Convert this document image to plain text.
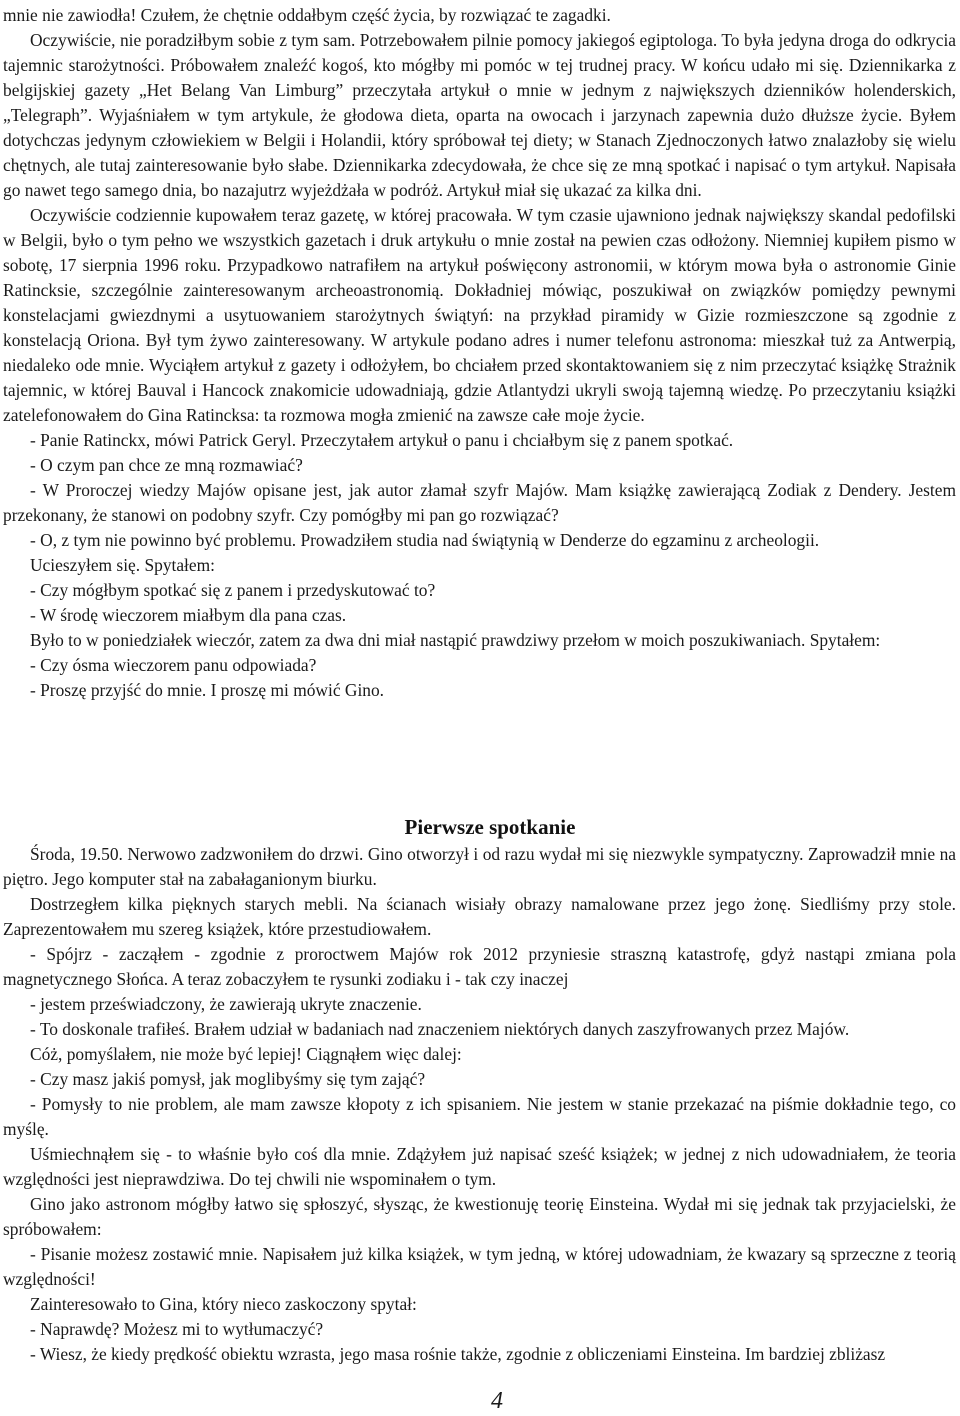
mnie nie zawiodła! Czułem, że chętnie oddałbym część życia, by rozwiązać te zagadki.

Oczywiście, nie poradziłbym sobie z tym sam. Potrzebowałem pilnie pomocy jakiegoś egiptologa. To była jedyna droga do odkrycia tajemnic starożytności. Próbowałem znaleźć kogoś, kto mógłby mi pomóc w tej trudnej pracy. W końcu udało mi się. Dziennikarka z belgijskiej gazety „Het Belang Van Limburg” przeczytała artykuł o mnie w jednym z największych dzienników holenderskich, „Telegraph”. Wyjaśniałem w tym artykule, że głodowa dieta, oparta na owocach i jarzynach zapewnia dużo dłuższe życie. Byłem dotychczas jedynym człowiekiem w Belgii i Holandii, który spróbował tej diety; w Stanach Zjednoczonych łatwo znalazłoby się wielu chętnych, ale tutaj zainteresowanie było słabe. Dziennikarka zdecydowała, że chce się ze mną spotkać i napisać o tym artykuł. Napisała go nawet tego samego dnia, bo nazajutrz wyjeżdżała w podróż. Artykuł miał się ukazać za kilka dni.

Oczywiście codziennie kupowałem teraz gazetę, w której pracowała. W tym czasie ujawniono jednak największy skandal pedofilski w Belgii, było o tym pełno we wszystkich gazetach i druk artykułu o mnie został na pewien czas odłożony. Niemniej kupiłem pismo w sobotę, 17 sierpnia 1996 roku. Przypadkowo natrafiłem na artykuł poświęcony astronomii, w którym mowa była o astronomie Ginie Ratincksie, szczególnie zainteresowanym archeoastronomią. Dokładniej mówiąc, poszukiwał on związków pomiędzy pewnymi konstelacjami gwiezdnymi a usytuowaniem starożytnych świątyń: na przykład piramidy w Gizie rozmieszczone są zgodnie z konstelacją Oriona. Był tym żywo zainteresowany. W artykule podano adres i numer telefonu astronoma: mieszkał tuż za Antwerpią, niedaleko ode mnie. Wyciąłem artykuł z gazety i odłożyłem, bo chciałem przed skontaktowaniem się z nim przeczytać książkę Strażnik tajemnic, w której Bauval i Hancock znakomicie udowadniają, gdzie Atlantydzi ukryli swoją tajemną wiedzę. Po przeczytaniu książki zatelefonowałem do Gina Ratincksa: ta rozmowa mogła zmienić na zawsze całe moje życie.

- Panie Ratinckx, mówi Patrick Geryl. Przeczytałem artykuł o panu i chciałbym się z panem spotkać.

- O czym pan chce ze mną rozmawiać?

- W Proroczej wiedzy Majów opisane jest, jak autor złamał szyfr Majów. Mam książkę zawierającą Zodiak z Dendery. Jestem przekonany, że stanowi on podobny szyfr. Czy pomógłby mi pan go rozwiązać?

- O, z tym nie powinno być problemu. Prowadziłem studia nad świątynią w Denderze do egzaminu z archeologii.

Ucieszyłem się. Spytałem:

- Czy mógłbym spotkać się z panem i przedyskutować to?

- W środę wieczorem miałbym dla pana czas.

Było to w poniedziałek wieczór, zatem za dwa dni miał nastąpić prawdziwy przełom w moich poszukiwaniach. Spytałem:

- Czy ósma wieczorem panu odpowiada?

- Proszę przyjść do mnie. I proszę mi mówić Gino.

Pierwsze spotkanie

Środa, 19.50. Nerwowo zadzwoniłem do drzwi. Gino otworzył i od razu wydał mi się niezwykle sympatyczny. Zaprowadził mnie na piętro. Jego komputer stał na zabałaganionym biurku.

Dostrzegłem kilka pięknych starych mebli. Na ścianach wisiały obrazy namalowane przez jego żonę. Siedliśmy przy stole. Zaprezentowałem mu szereg książek, które przestudiowałem.

- Spójrz - zacząłem - zgodnie z proroctwem Majów rok 2012 przyniesie straszną katastrofę, gdyż nastąpi zmiana pola magnetycznego Słońca. A teraz zobaczyłem te rysunki zodiaku i - tak czy inaczej

- jestem przeświadczony, że zawierają ukryte znaczenie.

- To doskonale trafiłeś. Brałem udział w badaniach nad znaczeniem niektórych danych zaszyfrowanych przez Majów.

Cóż, pomyślałem, nie może być lepiej! Ciągnąłem więc dalej:

- Czy masz jakiś pomysł, jak moglibyśmy się tym zająć?

- Pomysły to nie problem, ale mam zawsze kłopoty z ich spisaniem. Nie jestem w stanie przekazać na piśmie dokładnie tego, co myślę.

Uśmiechnąłem się - to właśnie było coś dla mnie. Zdążyłem już napisać sześć książek; w jednej z nich udowadniałem, że teoria względności jest nieprawdziwa. Do tej chwili nie wspominałem o tym.

Gino jako astronom mógłby łatwo się spłoszyć, słysząc, że kwestionuję teorię Einsteina. Wydał mi się jednak tak przyjacielski, że spróbowałem:

- Pisanie możesz zostawić mnie. Napisałem już kilka książek, w tym jedną, w której udowadniam, że kwazary są sprzeczne z teorią względności!

Zainteresowało to Gina, który nieco zaskoczony spytał:

- Naprawdę? Możesz mi to wytłumaczyć?

- Wiesz, że kiedy prędkość obiektu wzrasta, jego masa rośnie także, zgodnie z obliczeniami Einsteina. Im bardziej zbliżasz

4
